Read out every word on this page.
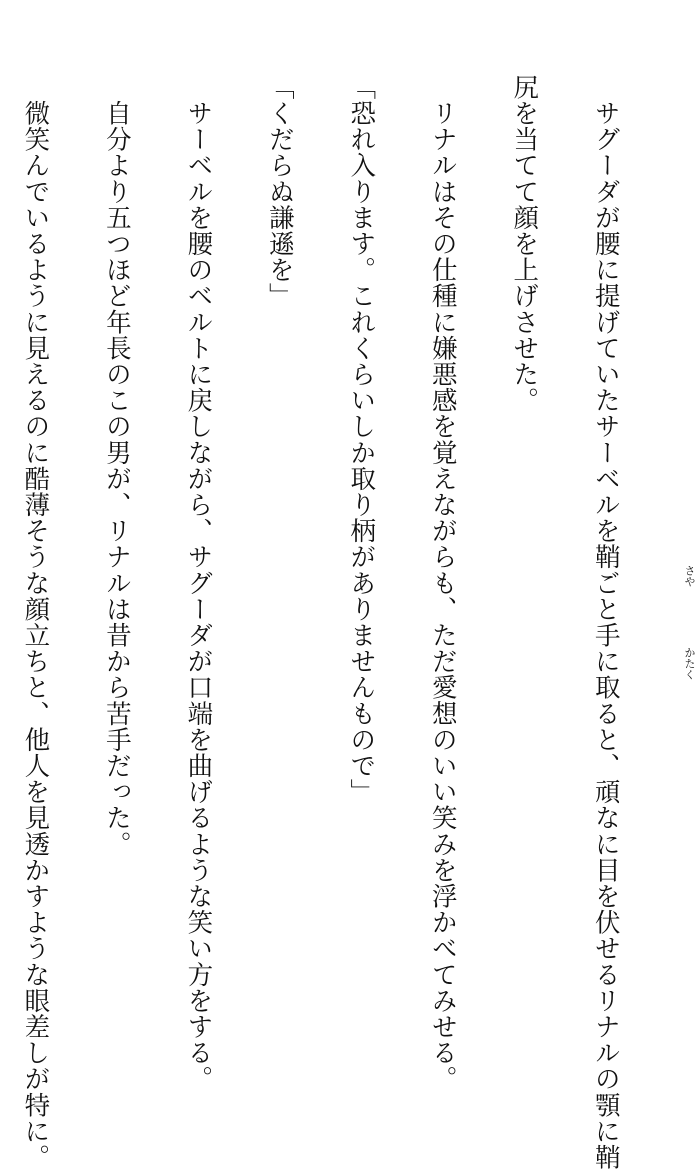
　サグーダが腰に提げていたサーベルを鞘ごと手に取ると、頑なに目を伏せるリナルの顎に鞘

尻を当てて顔を上げさせた。

　リナルはその仕種に嫌悪感を覚えながらも、ただ愛想のいい笑みを浮かべてみせる。

「恐れ入ります。これくらいしか取り柄がありませんもので」

「くだらぬ謙遜を」

　サーベルを腰のベルトに戻しながら、サグーダが口端を曲げるような笑い方をする。

　自分より五つほど年長のこの男が、リナルは昔から苦手だった。

　微笑んでいるように見えるのに酷薄そうな顔立ちと、他人を見透かすような眼差しが特に。

	さや
かたく
